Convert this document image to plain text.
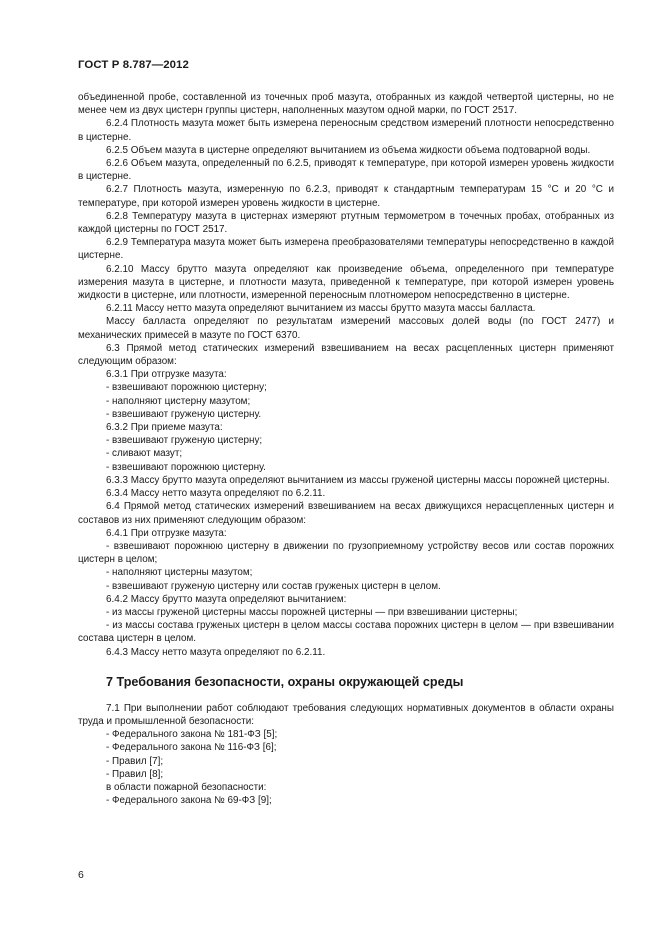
ГОСТ Р 8.787—2012

объединенной пробе, составленной из точечных проб мазута, отобранных из каждой четвертой цистерны, но не менее чем из двух цистерн группы цистерн, наполненных мазутом одной марки, по ГОСТ 2517.

6.2.4 Плотность мазута может быть измерена переносным средством измерений плотности непосредственно в цистерне.

6.2.5 Объем мазута в цистерне определяют вычитанием из объема жидкости объема подтоварной воды.

6.2.6 Объем мазута, определенный по 6.2.5, приводят к температуре, при которой измерен уровень жидкости в цистерне.

6.2.7 Плотность мазута, измеренную по 6.2.3, приводят к стандартным температурам 15 °С и 20 °С и температуре, при которой измерен уровень жидкости в цистерне.

6.2.8 Температуру мазута в цистернах измеряют ртутным термометром в точечных пробах, отобранных из каждой цистерны по ГОСТ 2517.

6.2.9 Температура мазута может быть измерена преобразователями температуры непосредственно в каждой цистерне.

6.2.10 Массу брутто мазута определяют как произведение объема, определенного при температуре измерения мазута в цистерне, и плотности мазута, приведенной к температуре, при которой измерен уровень жидкости в цистерне, или плотности, измеренной переносным плотномером непосредственно в цистерне.

6.2.11 Массу нетто мазута определяют вычитанием из массы брутто мазута массы балласта.

Массу балласта определяют по результатам измерений массовых долей воды (по ГОСТ 2477) и механических примесей в мазуте по ГОСТ 6370.

6.3 Прямой метод статических измерений взвешиванием на весах расцепленных цистерн применяют следующим образом:

6.3.1 При отгрузке мазута:

- взвешивают порожнюю цистерну;

- наполняют цистерну мазутом;

- взвешивают груженую цистерну.

6.3.2 При приеме мазута:

- взвешивают груженую цистерну;

- сливают мазут;

- взвешивают порожнюю цистерну.

6.3.3 Массу брутто мазута определяют вычитанием из массы груженой цистерны массы порожней цистерны.

6.3.4 Массу нетто мазута определяют по 6.2.11.

6.4 Прямой метод статических измерений взвешиванием на весах движущихся нерасцепленных цистерн и составов из них применяют следующим образом:

6.4.1 При отгрузке мазута:

- взвешивают порожнюю цистерну в движении по грузоприемному устройству весов или состав порожних цистерн в целом;

- наполняют цистерны мазутом;

- взвешивают груженую цистерну или состав груженых цистерн в целом.

6.4.2 Массу брутто мазута определяют вычитанием:

- из массы груженой цистерны массы порожней цистерны — при взвешивании цистерны;

- из массы состава груженых цистерн в целом массы состава порожних цистерн в целом — при взвешивании состава цистерн в целом.

6.4.3 Массу нетто мазута определяют по 6.2.11.

7 Требования безопасности, охраны окружающей среды

7.1 При выполнении работ соблюдают требования следующих нормативных документов в области охраны труда и промышленной безопасности:

- Федерального закона № 181-ФЗ [5];

- Федерального закона № 116-ФЗ [6];

- Правил [7];

- Правил [8];

в области пожарной безопасности:

- Федерального закона № 69-ФЗ [9];

6
